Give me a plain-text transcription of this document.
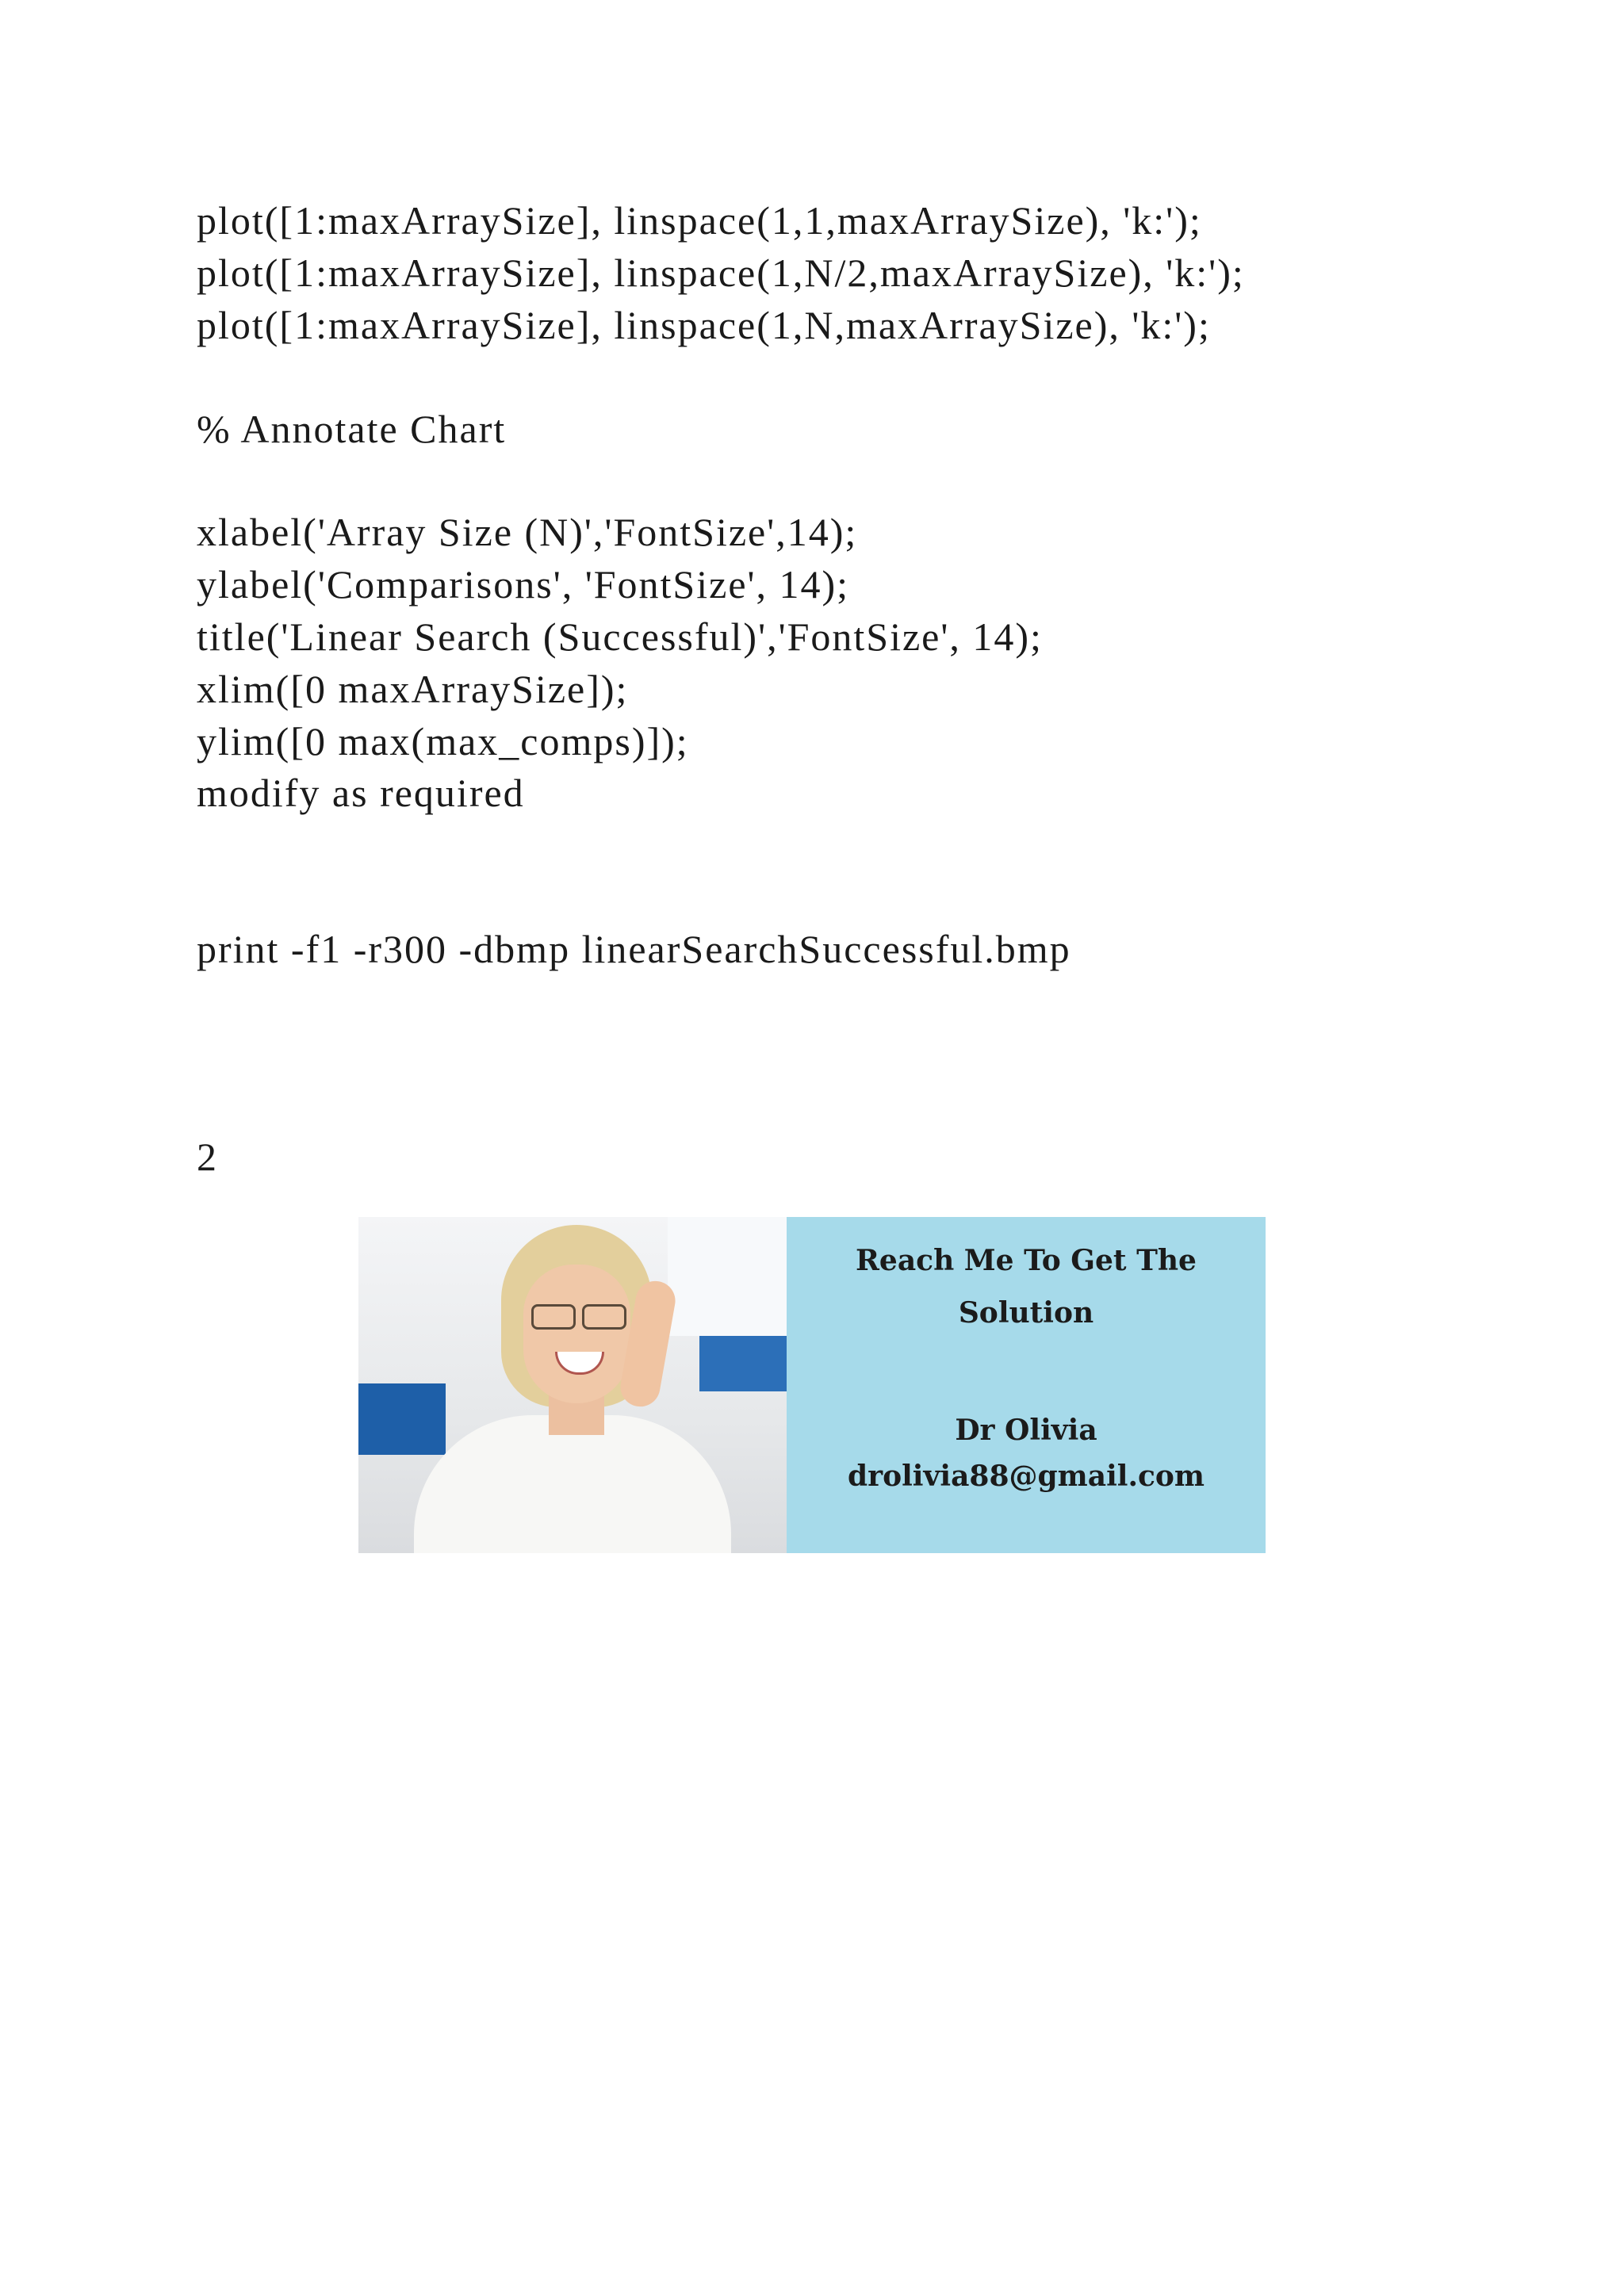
plot([1:maxArraySize], linspace(1,1,maxArraySize), 'k:');
plot([1:maxArraySize], linspace(1,N/2,maxArraySize), 'k:');
plot([1:maxArraySize], linspace(1,N,maxArraySize), 'k:');
% Annotate Chart
xlabel('Array Size (N)','FontSize',14);
ylabel('Comparisons', 'FontSize', 14);
title('Linear Search (Successful)','FontSize', 14);
xlim([0 maxArraySize]);
ylim([0 max(max_comps)]);
modify as required
print -f1 -r300 -dbmp linearSearchSuccessful.bmp
2
Reach Me To Get The
Solution
Dr Olivia
drolivia88@gmail.com
